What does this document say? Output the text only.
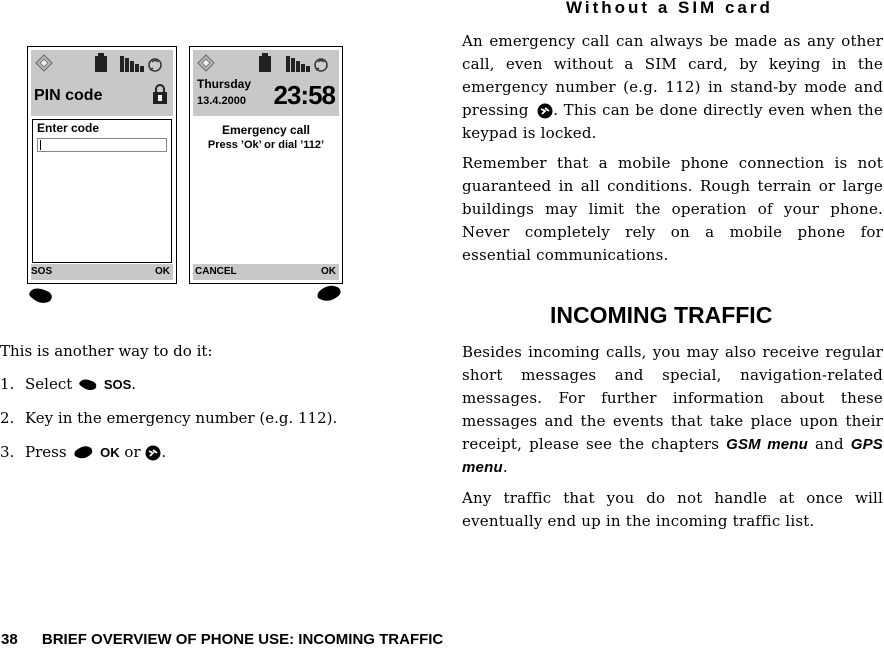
PIN code
Enter code
SOS	OK
Thursday
13.4.2000 23:58
Emergency call
Press ’Ok’ or dial ’112’
CANCEL	OK
This is another way to do it:
1. Select SOS.
2. Key in the emergency number (e.g. 112).
3. Press	OK or .
Without a SIM card
An emergency call can always be made as any other call, even without a SIM card, by keying in the emergency number (e.g. 112) in stand-by mode and pressing . This can be done directly even when the keypad is locked.
Remember that a mobile phone connection is not guaranteed in all conditions. Rough terrain or large buildings may limit the operation of your phone. Never completely rely on a mobile phone for essential communications.
INCOMING TRAFFIC
Besides incoming calls, you may also receive regular short messages and special, navigation-related messages. For further information about these messages and the events that take place upon their receipt, please see the chapters GSM menu and GPS menu.
Any traffic that you do not handle at once will eventually end up in the incoming traffic list.
38 BRIEF OVERVIEW OF PHONE USE: INCOMING TRAFFIC
